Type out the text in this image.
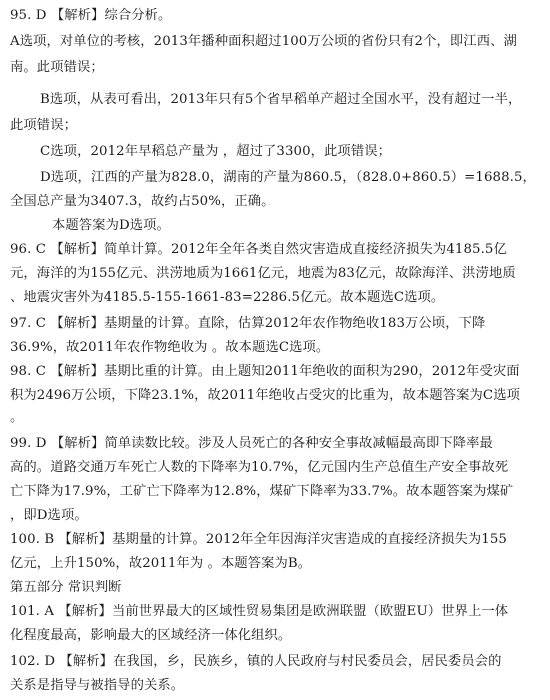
95. D 【解析】综合分析。
A选项，对单位的考核，2013年播种面积超过100万公顷的省份只有2个，即江西、湖
南。此项错误；
B选项，从表可看出，2013年只有5个省早稻单产超过全国水平，没有超过一半，
此项错误；
C选项，2012年早稻总产量为 ，超过了3300，此项错误；
D选项，江西的产量为828.0，湖南的产量为860.5，（828.0+860.5）=1688.5，
全国总产量为3407.3，故约占50%，正确。
本题答案为D选项。
96. C 【解析】简单计算。2012年全年各类自然灾害造成直接经济损失为4185.5亿
元，海洋的为155亿元、洪涝地质为1661亿元，地震为83亿元，故除海洋、洪涝地质
、地震灾害外为4185.5-155-1661-83=2286.5亿元。故本题选C选项。
97. C 【解析】基期量的计算。直除，估算2012年农作物绝收183万公顷，下降
36.9%，故2011年农作物绝收为 。故本题选C选项。
98. C 【解析】基期比重的计算。由上题知2011年绝收的面积为290，2012年受灾面
积为2496万公顷，下降23.1%，故2011年绝收占受灾的比重为，故本题答案为C选项
。
99. D 【解析】简单读数比较。涉及人员死亡的各种安全事故减幅最高即下降率最
高的。道路交通万车死亡人数的下降率为10.7%，亿元国内生产总值生产安全事故死
亡下降为17.9%，工矿亡下降率为12.8%，煤矿下降率为33.7%。故本题答案为煤矿
，即D选项。
100. B 【解析】基期量的计算。2012年全年因海洋灾害造成的直接经济损失为155
亿元，上升150%，故2011年为 。本题答案为B。
第五部分 常识判断
101. A 【解析】当前世界最大的区域性贸易集团是欧洲联盟（欧盟EU）世界上一体
化程度最高，影响最大的区域经济一体化组织。
102. D 【解析】在我国，乡，民族乡，镇的人民政府与村民委员会，居民委员会的
关系是指导与被指导的关系。
